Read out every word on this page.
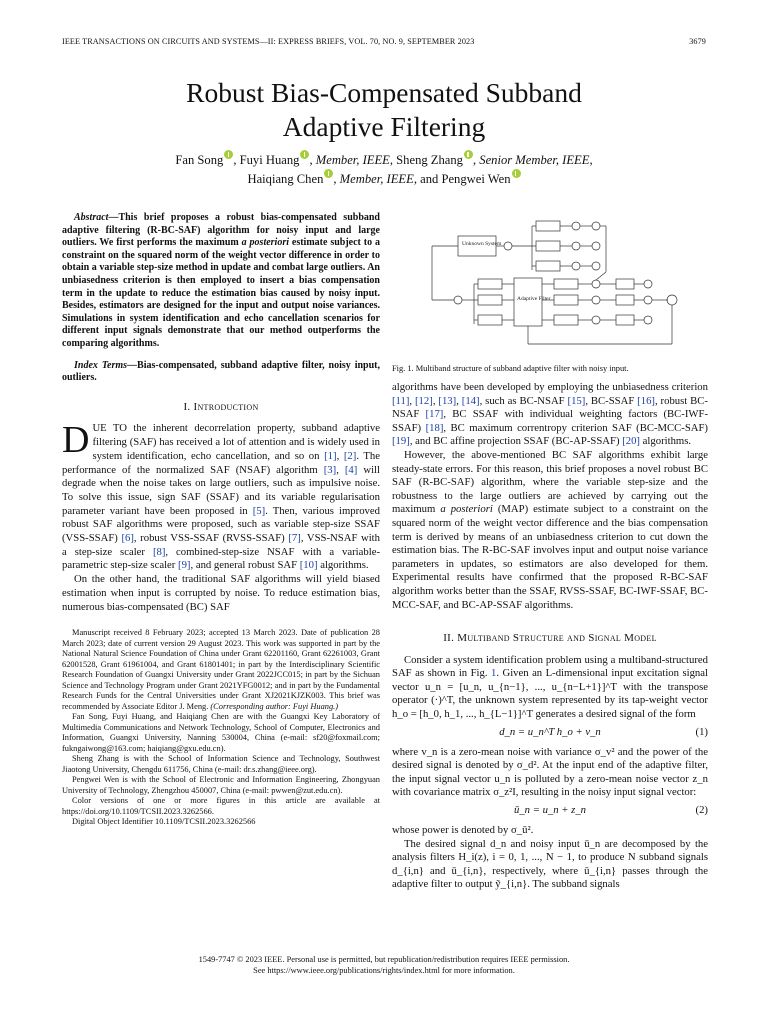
IEEE TRANSACTIONS ON CIRCUITS AND SYSTEMS—II: EXPRESS BRIEFS, VOL. 70, NO. 9, SEPTEMBER 2023	3679
Robust Bias-Compensated Subband
Adaptive Filtering
Fan Song , Fuyi Huang , Member, IEEE, Sheng Zhang , Senior Member, IEEE,
Haiqiang Chen , Member, IEEE, and Pengwei Wen

Abstract—This brief proposes a robust bias-compensated subband adaptive filtering (R-BC-SAF) algorithm for noisy input and large outliers. We first performs the maximum a posteriori estimate subject to a constraint on the squared norm of the weight vector difference in order to obtain a variable step-size method in update and combat large outliers. An unbiasedness criterion is then employed to insert a bias compensation term in the update to reduce the estimation bias caused by noisy input. Besides, estimators are designed for the input and output noise variances. Simulations in system identification and echo cancellation scenarios for different input signals demonstrate that our method outperforms the comparing algorithms.

Index Terms—Bias-compensated, subband adaptive filter, noisy input, outliers.

I. Introduction

DUE TO the inherent decorrelation property, subband adaptive filtering (SAF) has received a lot of attention and is widely used in system identification, echo cancellation, and so on [1], [2]. The performance of the normalized SAF (NSAF) algorithm [3], [4] will degrade when the noise takes on large outliers, such as impulsive noise. To solve this issue, sign SAF (SSAF) and its variable regularisation parameter variant have been proposed in [5]. Then, various improved robust SAF algorithms were proposed, such as variable step-size SSAF (VSS-SSAF) [6], robust VSS-SSAF (RVSS-SSAF) [7], VSS-NSAF with a step-size scaler [8], combined-step-size NSAF with a variable-parametric step-size scaler [9], and general robust SAF [10] algorithms.

On the other hand, the traditional SAF algorithms will yield biased estimation when input is corrupted by noise. To reduce estimation bias, numerous bias-compensated (BC) SAF

Manuscript received 8 February 2023; accepted 13 March 2023. Date of publication 28 March 2023; date of current version 29 August 2023. This work was supported in part by the National Natural Science Foundation of China under Grant 62201160, Grant 62261003, Grant 62001528, Grant 61961004, and Grant 61801401; in part by the Interdisciplinary Scientific Research Foundation of Guangxi University under Grant 2022JCC015; in part by the Sichuan Science and Technology Program under Grant 2021YFG0012; and in part by the Fundamental Research Funds for the Central Universities under Grant XJ2021KJZK003. This brief was recommended by Associate Editor J. Meng. (Corresponding author: Fuyi Huang.)

Fan Song, Fuyi Huang, and Haiqiang Chen are with the Guangxi Key Laboratory of Multimedia Communications and Network Technology, School of Computer, Electronics and Information, Guangxi University, Nanning 530004, China (e-mail: sf20@foxmail.com; fukngaiwong@163.com; haiqiang@gxu.edu.cn).

Sheng Zhang is with the School of Information Science and Technology, Southwest Jiaotong University, Chengdu 611756, China (e-mail: dr.s.zhang@ieee.org).

Pengwei Wen is with the School of Electronic and Information Engineering, Zhongyuan University of Technology, Zhengzhou 450007, China (e-mail: pwwen@zut.edu.cn).

Color versions of one or more figures in this article are available at https://doi.org/10.1109/TCSII.2023.3262566.

Digital Object Identifier 10.1109/TCSII.2023.3262566

Unknown System
Adaptive Filter
Fig. 1. Multiband structure of subband adaptive filter with noisy input.

algorithms have been developed by employing the unbiasedness criterion [11], [12], [13], [14], such as BC-NSAF [15], BC-SSAF [16], robust BC-NSAF [17], BC SSAF with individual weighting factors (BC-IWF-SSAF) [18], BC maximum correntropy criterion SAF (BC-MCC-SAF) [19], and BC affine projection SSAF (BC-AP-SSAF) [20] algorithms.

However, the above-mentioned BC SAF algorithms exhibit large steady-state errors. For this reason, this brief proposes a novel robust BC SAF (R-BC-SAF) algorithm, where the variable step-size and the robustness to the large outliers are achieved by carrying out the maximum a posteriori (MAP) estimate subject to a constraint on the squared norm of the weight vector difference and the bias compensation term is derived by means of an unbiasedness criterion to cut down the estimation bias. The R-BC-SAF involves input and output noise variance parameters in updates, so estimators are also developed for them. Experimental results have confirmed that the proposed R-BC-SAF algorithm works better than the SSAF, RVSS-SSAF, BC-IWF-SSAF, BC-MCC-SAF, and BC-AP-SSAF algorithms.

II. Multiband Structure and Signal Model

Consider a system identification problem using a multiband-structured SAF as shown in Fig. 1. Given an L-dimensional input excitation signal vector u_n = [u_n, u_{n−1}, ..., u_{n−L+1}]^T with the transpose operator (·)^T, the unknown system represented by its tap-weight vector h_o = [h_0, h_1, ..., h_{L−1}]^T generates a desired signal of the form

d_n = u_n^T h_o + v_n	(1)

where v_n is a zero-mean noise with variance σ_v² and the power of the desired signal is denoted by σ_d². At the input end of the adaptive filter, the input signal vector u_n is polluted by a zero-mean noise vector z_n with covariance matrix σ_z²I, resulting in the noisy input signal vector:

ū_n = u_n + z_n	(2)

whose power is denoted by σ_ū².

The desired signal d_n and noisy input ū_n are decomposed by the analysis filters H_i(z), i = 0, 1, ..., N − 1, to produce N subband signals d_{i,n} and ū_{i,n}, respectively, where ū_{i,n} passes through the adaptive filter to output ỹ_{i,n}. The subband signals

1549-7747 © 2023 IEEE. Personal use is permitted, but republication/redistribution requires IEEE permission.
See https://www.ieee.org/publications/rights/index.html for more information.
